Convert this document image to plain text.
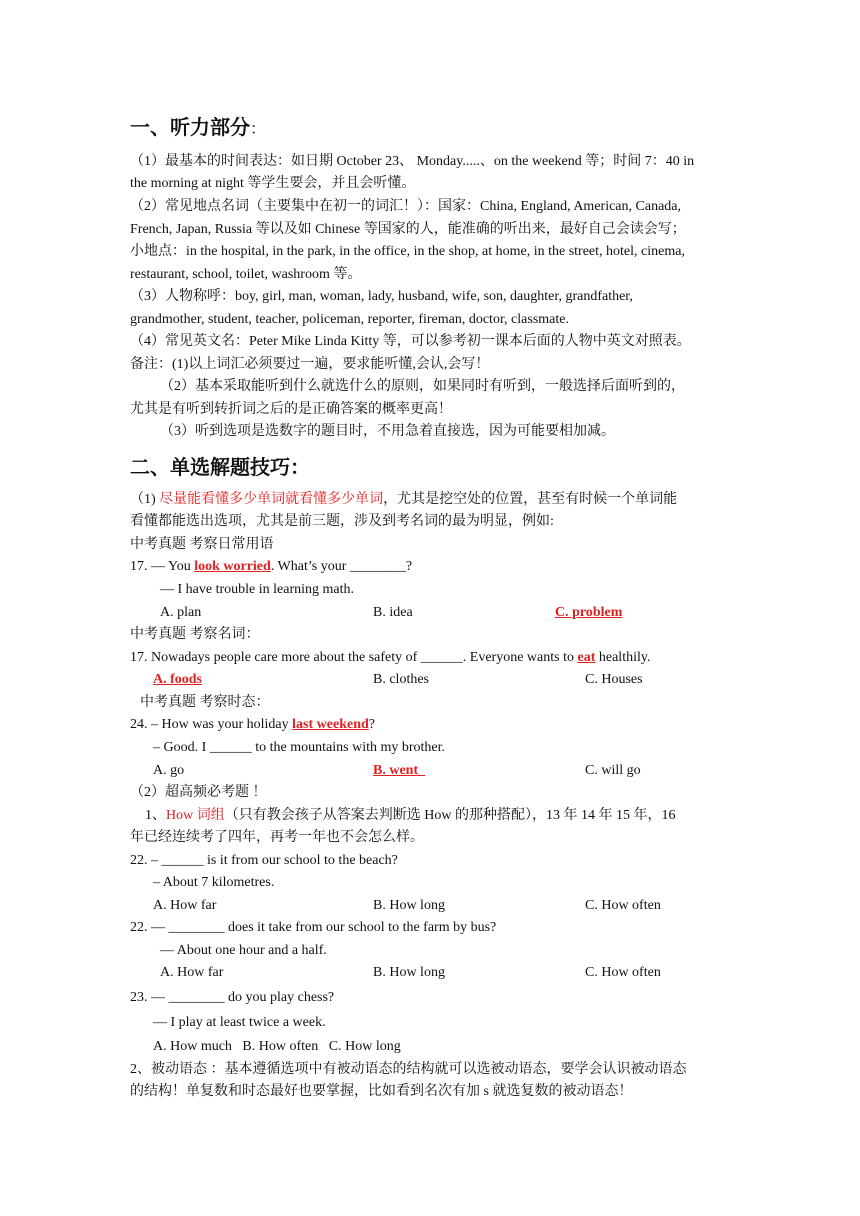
一、听力部分：
（1）最基本的时间表达：如日期 October 23、 Monday.....、on the weekend 等；时间 7：40 in
the morning at night 等学生要会，并且会听懂。
（2）常见地点名词（主要集中在初一的词汇！）：国家：China, England, American, Canada,
French, Japan, Russia 等以及如 Chinese 等国家的人，能准确的听出来，最好自己会读会写；
小地点：in the hospital, in the park, in the office, in the shop, at home, in the street, hotel, cinema,
restaurant, school, toilet, washroom 等。
（3）人物称呼：boy, girl, man, woman, lady, husband, wife, son, daughter, grandfather,
grandmother, student, teacher, policeman, reporter, fireman, doctor, classmate.
（4）常见英文名：Peter Mike Linda Kitty 等，可以参考初一课本后面的人物中英文对照表。
备注：(1)以上词汇必须要过一遍，要求能听懂,会认,会写！
（2）基本采取能听到什么就选什么的原则，如果同时有听到，一般选择后面听到的，
尤其是有听到转折词之后的是正确答案的概率更高！
（3）听到选项是选数字的题目时，不用急着直接选，因为可能要相加减。
二、单选解题技巧：
（1) 尽量能看懂多少单词就看懂多少单词，尤其是挖空处的位置，甚至有时候一个单词能
看懂都能选出选项，尤其是前三题，涉及到考名词的最为明显，例如:
中考真题 考察日常用语
17. — You look worried. What’s your ________?
— I have trouble in learning math.
A. plan	B. idea	C. problem
中考真题 考察名词：
17. Nowadays people care more about the safety of ______. Everyone wants to eat healthily.
A. foods	B. clothes	C. Houses
中考真题 考察时态：
24. – How was your holiday last weekend?
– Good. I ______ to the mountains with my brother.
A. go	B. went	C. will go
（2）超高频必考题 ！
1、How 词组（只有教会孩子从答案去判断选 How 的那种搭配），13 年 14 年 15 年，16
年已经连续考了四年，再考一年也不会怎么样。
22. – ______ is it from our school to the beach?
– About 7 kilometres.
A. How far	B. How long	C. How often
22. — ________ does it take from our school to the farm by bus?
— About one hour and a half.
A. How far	B. How long	C. How often
23. — ________ do you play chess?
— I play at least twice a week.
A. How much   B. How often   C. How long
2、被动语态 ：基本遵循选项中有被动语态的结构就可以选被动语态，要学会认识被动语态
的结构！单复数和时态最好也要掌握，比如看到名次有加 s 就选复数的被动语态！
